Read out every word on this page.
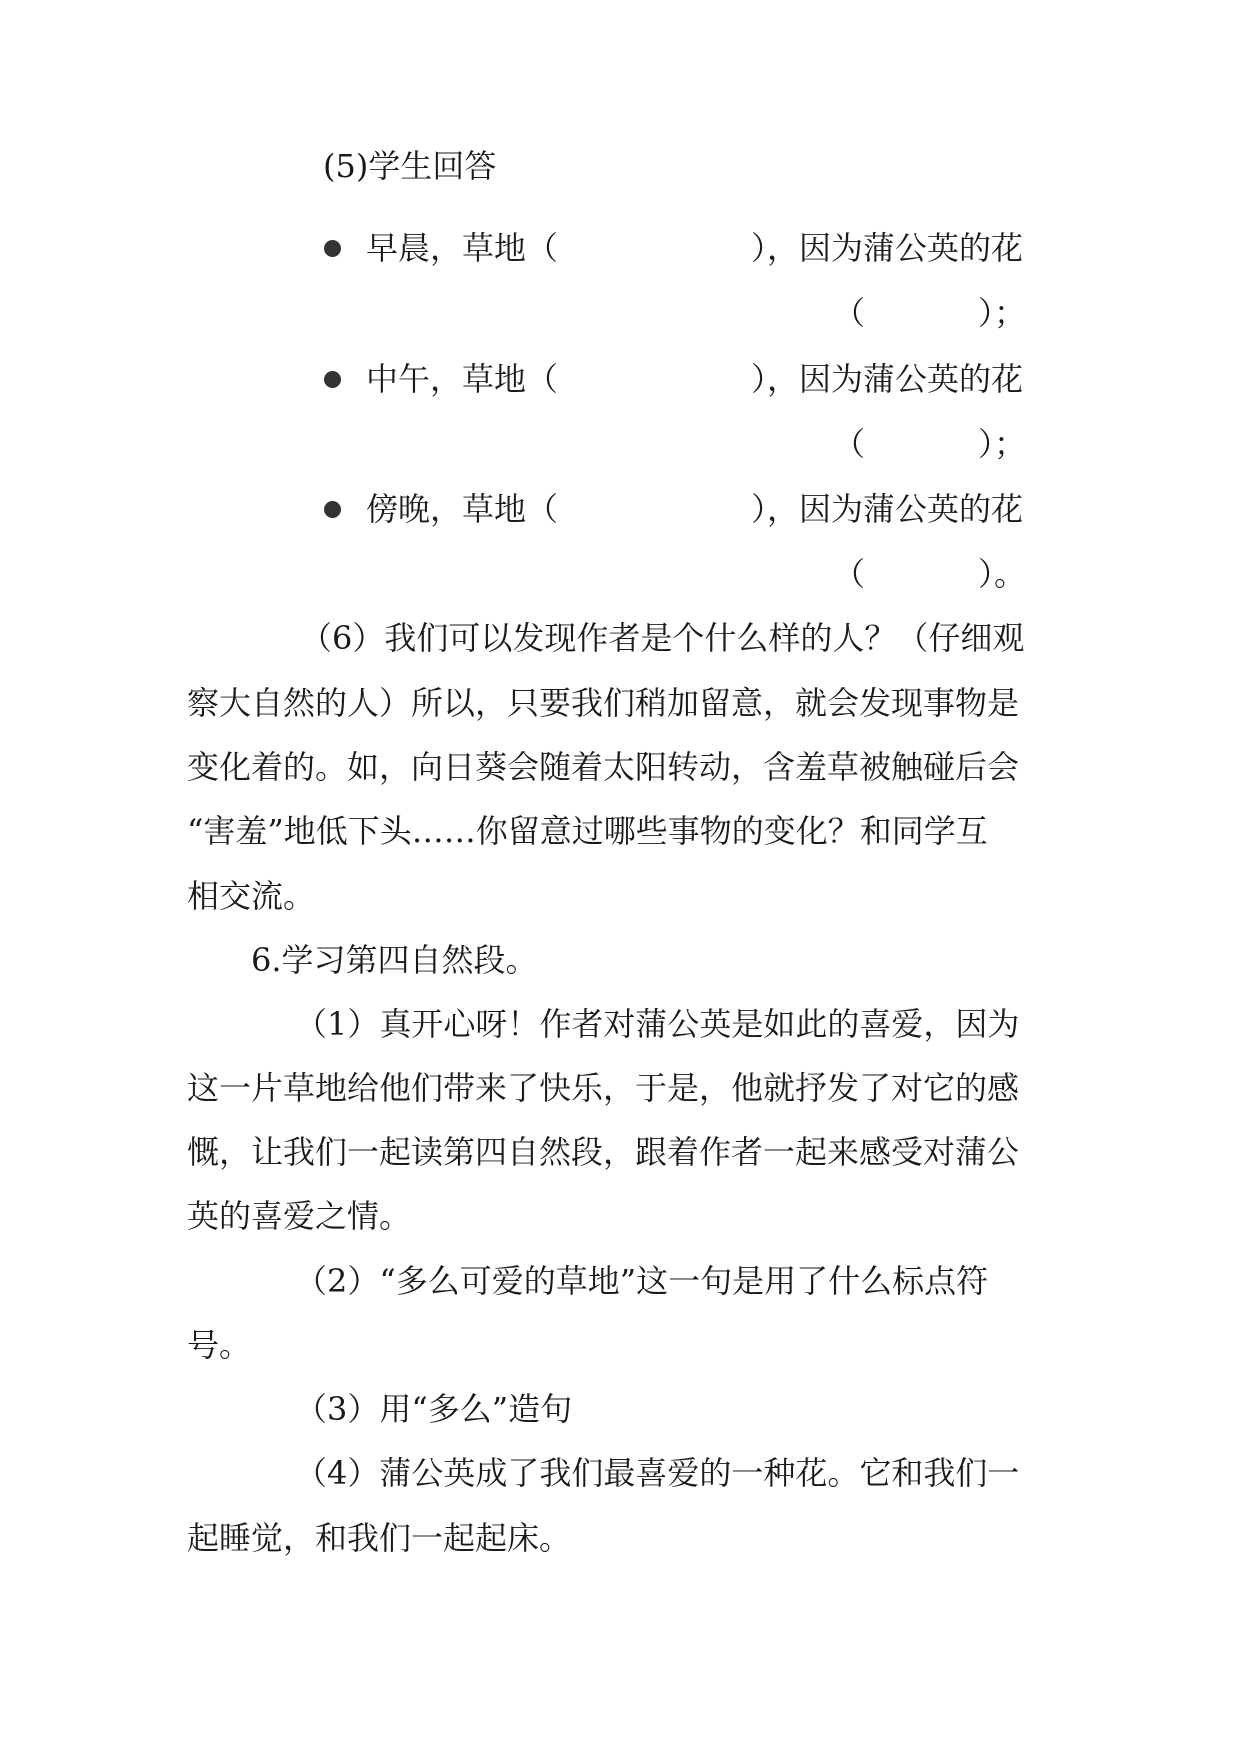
(5)学生回答
早晨，草地（	），因为蒲公英的花
（	）；
中午，草地（	），因为蒲公英的花
（	）；
傍晚，草地（	），因为蒲公英的花
（	）。
（6）我们可以发现作者是个什么样的人？（仔细观
察大自然的人）所以，只要我们稍加留意，就会发现事物是
变化着的。如，向日葵会随着太阳转动，含羞草被触碰后会
“害羞”地低下头……你留意过哪些事物的变化？和同学互
相交流。
6.学习第四自然段。
（1）真开心呀！作者对蒲公英是如此的喜爱，因为
这一片草地给他们带来了快乐，于是，他就抒发了对它的感
慨，让我们一起读第四自然段，跟着作者一起来感受对蒲公
英的喜爱之情。
（2）“多么可爱的草地”这一句是用了什么标点符
号。
（3）用“多么”造句
（4）蒲公英成了我们最喜爱的一种花。它和我们一
起睡觉，和我们一起起床。
